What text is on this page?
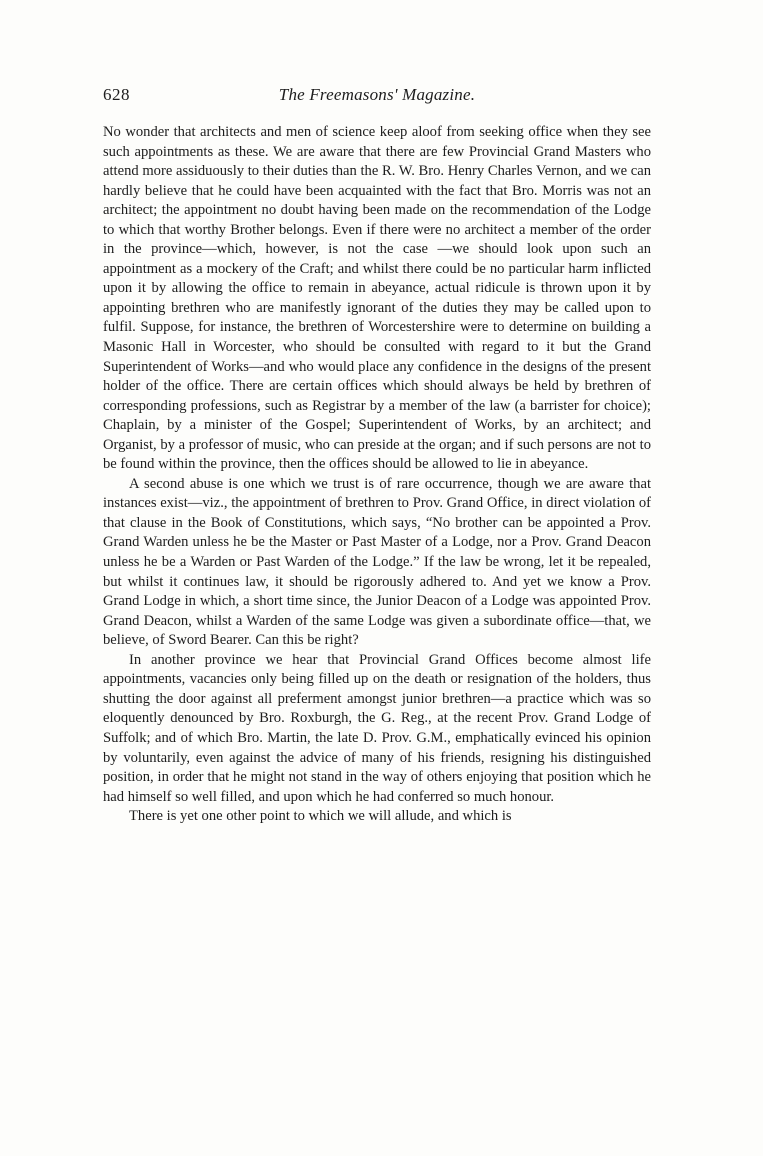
628	The Freemasons' Magazine.

No wonder that architects and men of science keep aloof from seeking office when they see such appointments as these. We are aware that there are few Provincial Grand Masters who attend more assiduously to their duties than the R. W. Bro. Henry Charles Vernon, and we can hardly believe that he could have been acquainted with the fact that Bro. Morris was not an architect; the appointment no doubt having been made on the recommendation of the Lodge to which that worthy Brother belongs. Even if there were no architect a member of the order in the province—which, however, is not the case —we should look upon such an appointment as a mockery of the Craft; and whilst there could be no particular harm inflicted upon it by allowing the office to remain in abeyance, actual ridicule is thrown upon it by appointing brethren who are manifestly ignorant of the duties they may be called upon to fulfil. Suppose, for instance, the brethren of Worcestershire were to determine on building a Masonic Hall in Worcester, who should be consulted with regard to it but the Grand Superintendent of Works—and who would place any confidence in the designs of the present holder of the office. There are certain offices which should always be held by brethren of corresponding professions, such as Registrar by a member of the law (a barrister for choice); Chaplain, by a minister of the Gospel; Superintendent of Works, by an architect; and Organist, by a professor of music, who can preside at the organ; and if such persons are not to be found within the province, then the offices should be allowed to lie in abeyance.

A second abuse is one which we trust is of rare occurrence, though we are aware that instances exist—viz., the appointment of brethren to Prov. Grand Office, in direct violation of that clause in the Book of Constitutions, which says, “No brother can be appointed a Prov. Grand Warden unless he be the Master or Past Master of a Lodge, nor a Prov. Grand Deacon unless he be a Warden or Past Warden of the Lodge.” If the law be wrong, let it be repealed, but whilst it continues law, it should be rigorously adhered to. And yet we know a Prov. Grand Lodge in which, a short time since, the Junior Deacon of a Lodge was appointed Prov. Grand Deacon, whilst a Warden of the same Lodge was given a subordinate office—that, we believe, of Sword Bearer. Can this be right?

In another province we hear that Provincial Grand Offices become almost life appointments, vacancies only being filled up on the death or resignation of the holders, thus shutting the door against all preferment amongst junior brethren—a practice which was so eloquently denounced by Bro. Roxburgh, the G. Reg., at the recent Prov. Grand Lodge of Suffolk; and of which Bro. Martin, the late D. Prov. G.M., emphatically evinced his opinion by voluntarily, even against the advice of many of his friends, resigning his distinguished position, in order that he might not stand in the way of others enjoying that position which he had himself so well filled, and upon which he had conferred so much honour.

There is yet one other point to which we will allude, and which is
